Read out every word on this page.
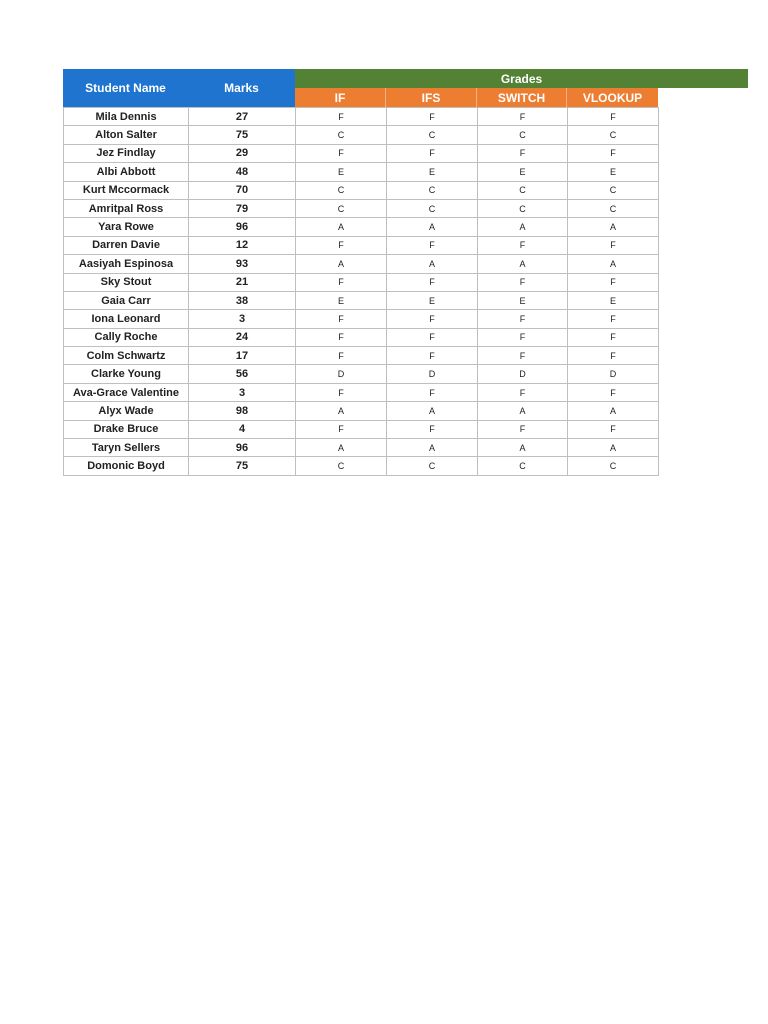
Student Name	Marks
Grades
IF	IFS	SWITCH	VLOOKUP
Mila Dennis	27	F	F	F	F
Alton Salter	75	C	C	C	C
Jez Findlay	29	F	F	F	F
Albi Abbott	48	E	E	E	E
Kurt Mccormack	70	C	C	C	C
Amritpal Ross	79	C	C	C	C
Yara Rowe	96	A	A	A	A
Darren Davie	12	F	F	F	F
Aasiyah Espinosa	93	A	A	A	A
Sky Stout	21	F	F	F	F
Gaia Carr	38	E	E	E	E
Iona Leonard	3	F	F	F	F
Cally Roche	24	F	F	F	F
Colm Schwartz	17	F	F	F	F
Clarke Young	56	D	D	D	D
Ava-Grace Valentine	3	F	F	F	F
Alyx Wade	98	A	A	A	A
Drake Bruce	4	F	F	F	F
Taryn Sellers	96	A	A	A	A
Domonic Boyd	75	C	C	C	C
